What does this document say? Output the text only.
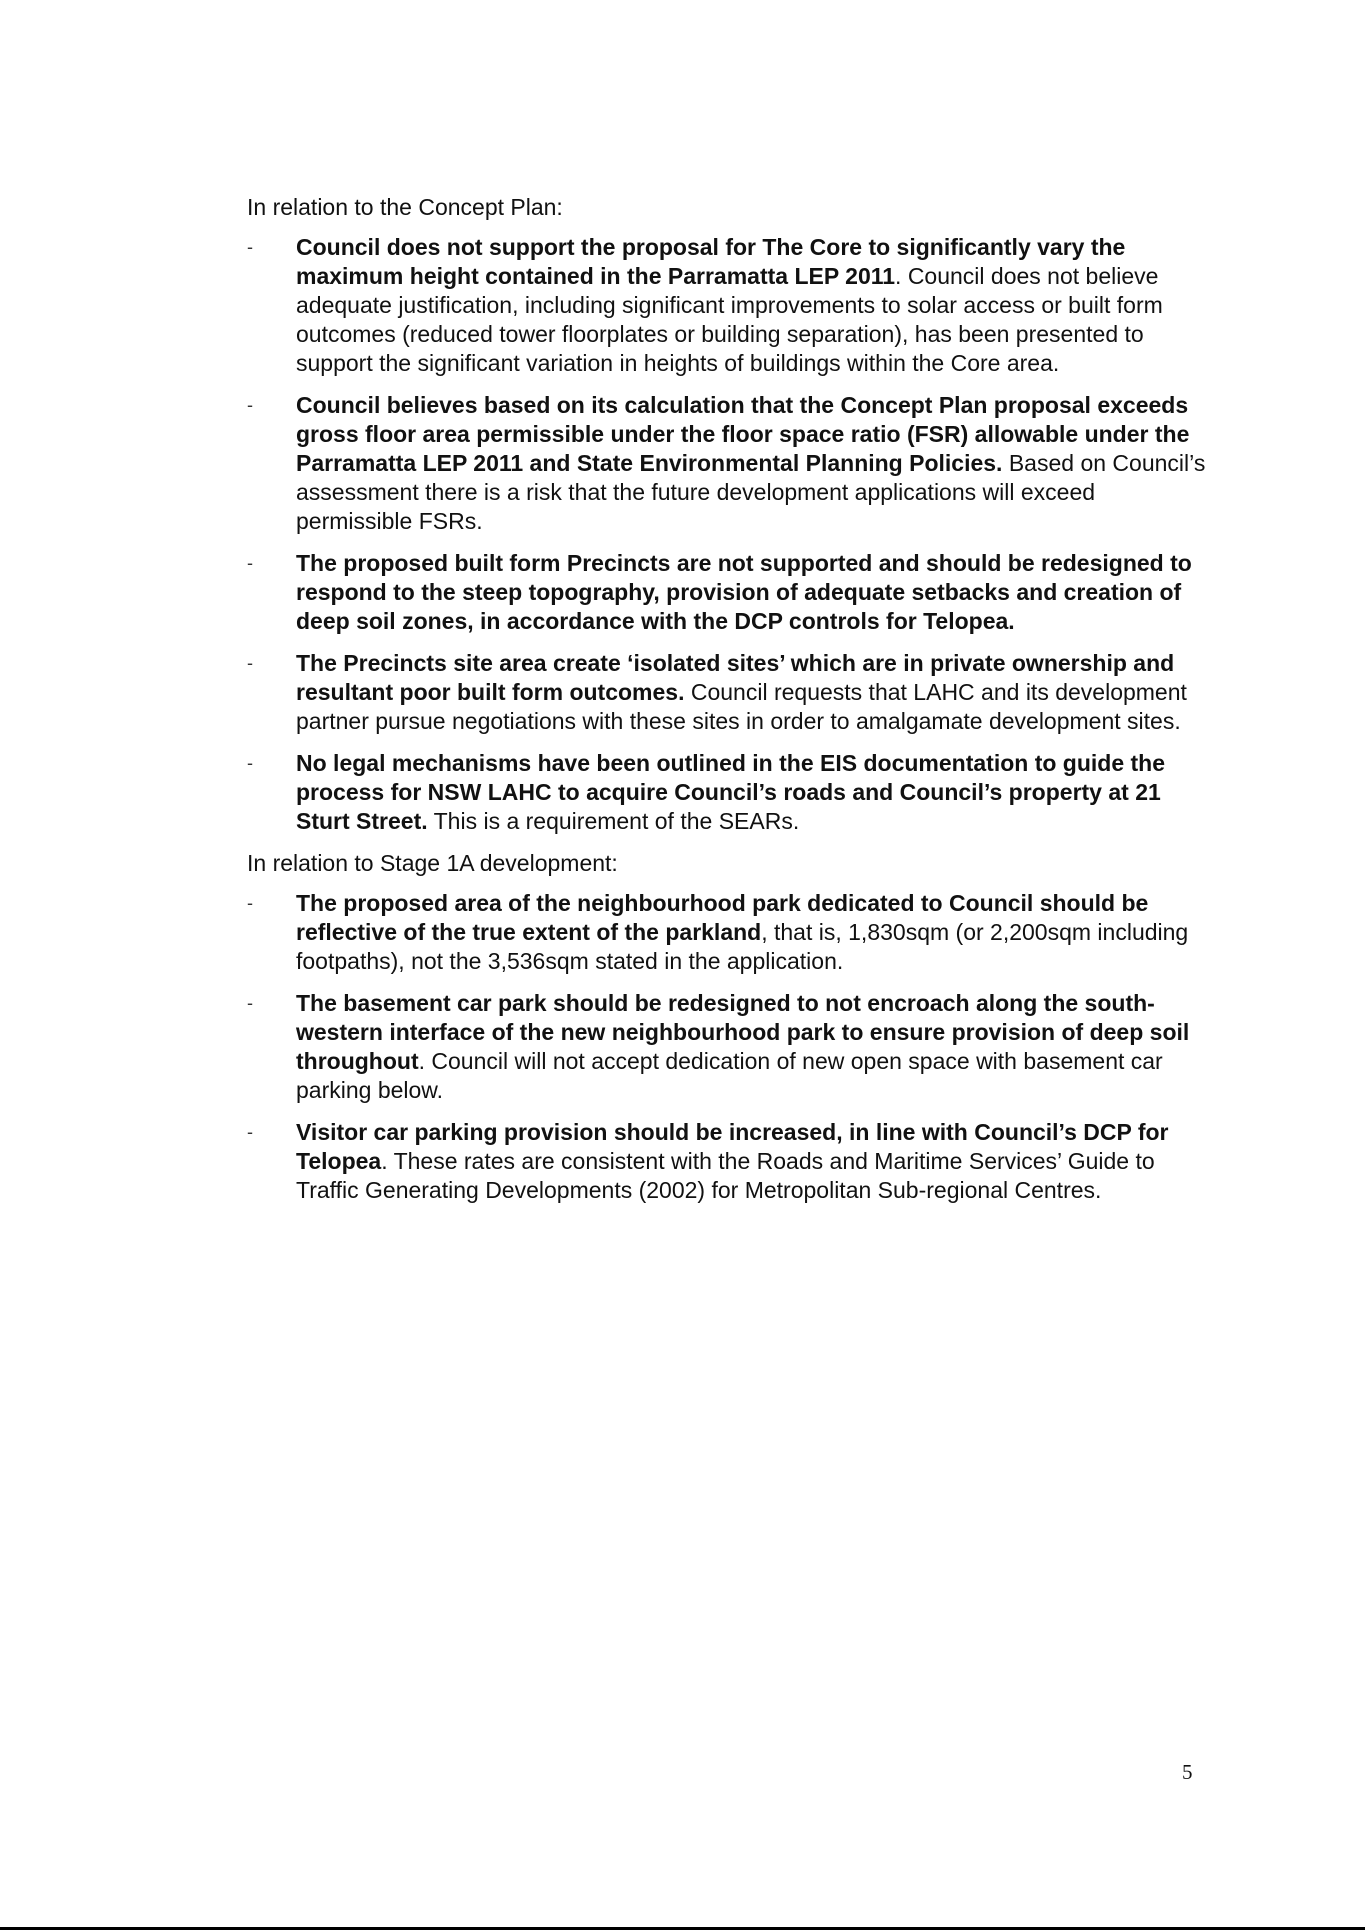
In relation to the Concept Plan:

- Council does not support the proposal for The Core to significantly vary the maximum height contained in the Parramatta LEP 2011. Council does not believe adequate justification, including significant improvements to solar access or built form outcomes (reduced tower floorplates or building separation), has been presented to support the significant variation in heights of buildings within the Core area.
- Council believes based on its calculation that the Concept Plan proposal exceeds gross floor area permissible under the floor space ratio (FSR) allowable under the Parramatta LEP 2011 and State Environmental Planning Policies. Based on Council’s assessment there is a risk that the future development applications will exceed permissible FSRs.
- The proposed built form Precincts are not supported and should be redesigned to respond to the steep topography, provision of adequate setbacks and creation of deep soil zones, in accordance with the DCP controls for Telopea.
- The Precincts site area create ‘isolated sites’ which are in private ownership and resultant poor built form outcomes. Council requests that LAHC and its development partner pursue negotiations with these sites in order to amalgamate development sites.
- No legal mechanisms have been outlined in the EIS documentation to guide the process for NSW LAHC to acquire Council’s roads and Council’s property at 21 Sturt Street. This is a requirement of the SEARs.

In relation to Stage 1A development:

- The proposed area of the neighbourhood park dedicated to Council should be reflective of the true extent of the parkland, that is, 1,830sqm (or 2,200sqm including footpaths), not the 3,536sqm stated in the application.
- The basement car park should be redesigned to not encroach along the south-western interface of the new neighbourhood park to ensure provision of deep soil throughout. Council will not accept dedication of new open space with basement car parking below.
- Visitor car parking provision should be increased, in line with Council’s DCP for Telopea. These rates are consistent with the Roads and Maritime Services’ Guide to Traffic Generating Developments (2002) for Metropolitan Sub-regional Centres.
5
